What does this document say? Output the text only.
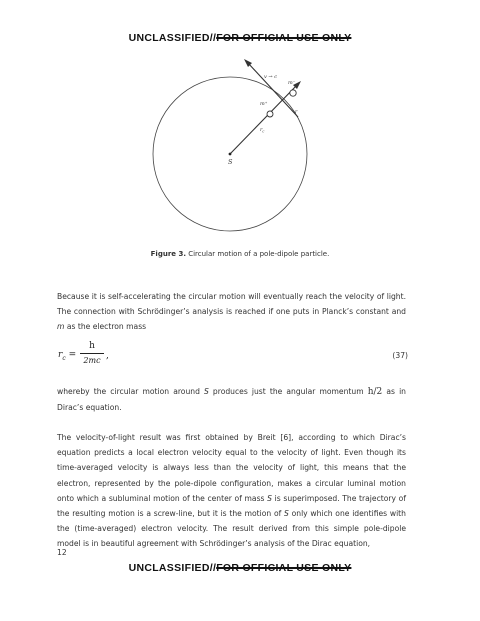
UNCLASSIFIED//FOR OFFICIAL USE ONLY
S
v → c
m⁻
m⁺
$r_c$
r
Figure 3. Circular motion of a pole-dipole particle.
Because it is self-accelerating the circular motion will eventually reach the velocity of light. The connection with Schrödinger’s analysis is reached if one puts in Planck’s constant and m as the electron mass
$r_c$ =
h
2mc ,	(37)
whereby the circular motion around S produces just the angular momentum h/2 as in Dirac’s equation.
The velocity-of-light result was first obtained by Breit [6], according to which Dirac’s equation predicts a local electron velocity equal to the velocity of light. Even though its time-averaged velocity is always less than the velocity of light, this means that the electron, represented by the pole-dipole configuration, makes a circular luminal motion onto which a subluminal motion of the center of mass S is superimposed. The trajectory of the resulting motion is a screw-line, but it is the motion of S only which one identifies with the (time-averaged) electron velocity. The result derived from this simple pole-dipole model is in beautiful agreement with Schrödinger’s analysis of the Dirac equation,
12
UNCLASSIFIED//FOR OFFICIAL USE ONLY
